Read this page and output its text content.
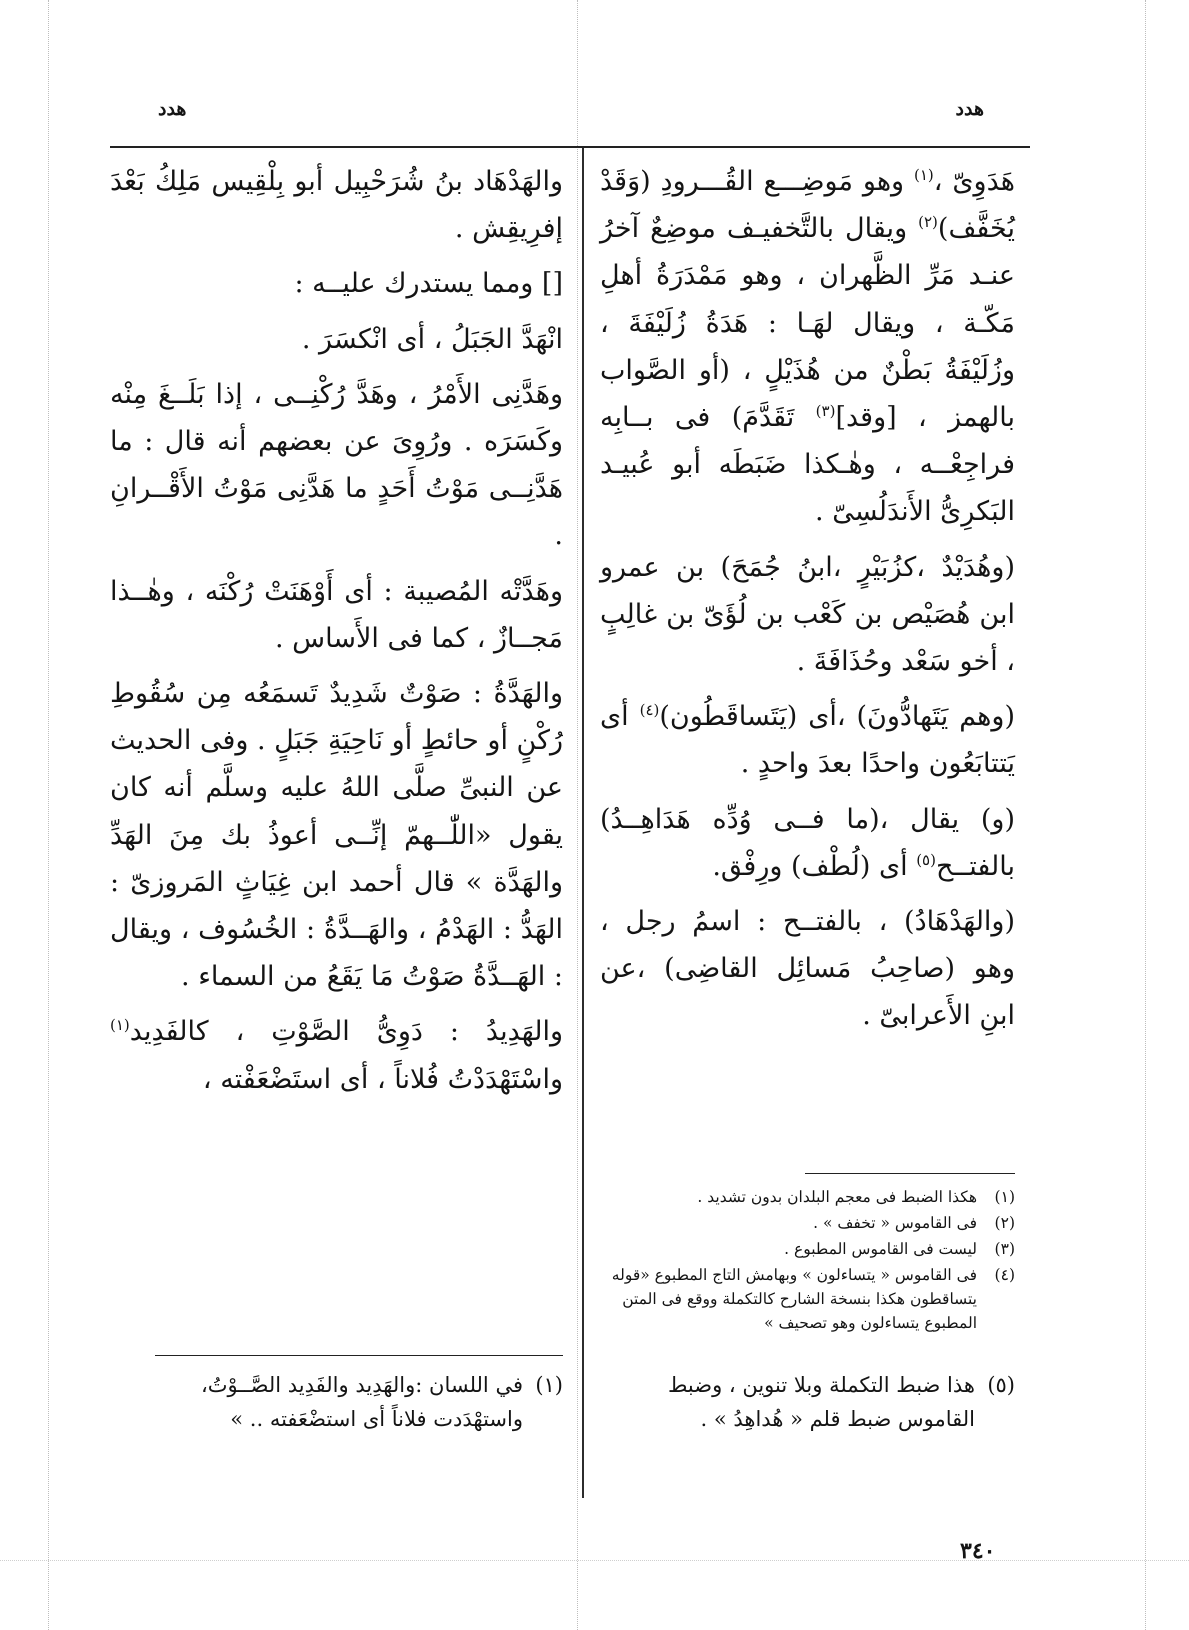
هدد
هدد

هَدَوِىّ ،$^{(١)}$ وهو مَوضِـــع القُـــرودِ (وَقَدْ يُخَفَّف)$^{(٢)}$ ويقال بالتَّخفيـف موضِعٌ آخرُ عنـد مَرِّ الظَّهران ، وهو مَمْدَرَةُ أهلِ مَكّـة ، ويقال لهَـا : هَدَةُ زُلَيْفَةَ ، وزُلَيْفَةُ بَطْنٌ من هُذَيْلٍ ، (أو الصَّواب بالهمز ، [وقد]$^{(٣)}$ تَقَدَّمَ) فى بــابِه فراجِعْــه ، وهٰـكذا ضَبَطَه أبو عُبيـد البَكرِىُّ الأَندَلُسِىّ .

(وهُدَيْدٌ ،كزُبَيْرٍ ،ابنُ جُمَحَ) بن عمرو ابن هُصَيْص بن كَعْب بن لُؤَىّ بن غالِبٍ ، أخو سَعْد وحُذَافَةَ .

(وهم يَتَهادُّونَ) ،أى (يَتَساقَطُون)$^{(٤)}$ أى يَتتابَعُون واحدًا بعدَ واحدٍ .

(و) يقال ،(ما فــى وُدِّه هَدَاهِــدُ) بالفتــح$^{(٥)}$ أى (لُطْف) ورِفْق.

(والهَدْهَادُ) ، بالفتــح : اسمُ رجل ، وهو (صاحِبُ مَسائِل القاضِى) ،عن ابنِ الأَعرابىّ .

والهَدْهَاد بنُ شُرَحْبِيل أبو بِلْقِيس مَلِكُ بَعْدَ إفرِيقِش .

[] ومما يستدرك عليــه :

انْهَدَّ الجَبَلُ ، أى انْكسَرَ .

وهَدَّنِى الأَمْرُ ، وهَدَّ رُكْنِــى ، إذا بَلَــغَ مِنْه وكَسَرَه . ورُوِىَ عن بعضهم أنه قال : ما هَدَّنِــى مَوْتُ أَحَدٍ ما هَدَّنِى مَوْتُ الأَقْــرانِ .

وهَدَّتْه المُصيبة : أى أَوْهَنَتْ رُكْنَه ، وهٰــذا مَجــازٌ ، كما فى الأَساس .

والهَدَّةُ : صَوْتٌ شَدِيدٌ تَسمَعُه مِن سُقُوطِ رُكْنٍ أو حائطٍ أو نَاحِيَةِ جَبَلٍ . وفى الحديث عن النبىِّ صلَّى اللهُ عليه وسلَّم أنه كان يقول «اللّٰــهمّ إنِّــى أعوذُ بك مِنَ الهَدِّ والهَدَّة » قال أحمد ابن غِيَاثٍ المَروزىّ : الهَدُّ : الهَدْمُ ، والهَــدَّةُ : الخُسُوف ، ويقال : الهَــدَّةُ صَوْتُ مَا يَقَعُ من السماء .

والهَدِيدُ : دَوِىُّ الصَّوْتِ ، كالفَدِيد$^{(١)}$ واسْتَهْدَدْتُ فُلاناً ، أى استَضْعَفْته ،

(١)
هكذا الضبط فى معجم البلدان بدون تشديد .
(٢)
فى القاموس « تخفف » .
(٣)
ليست فى القاموس المطبوع .
(٤)
فى القاموس « يتساءلون » وبهامش التاج المطبوع «قوله يتساقطون هكذا بنسخة الشارح كالتكملة ووقع فى المتن المطبوع يتساءلون وهو تصحيف »
(٥)
هذا ضبط التكملة وبلا تنوين ، وضبط القاموس ضبط قلم « هُداهِدُ » .
(١)
في اللسان :والهَدِيد والفَدِيد الصَّــوْتُ، واستهْدَدت فلاناً أى استضْعَفته .. »
٣٤٠
